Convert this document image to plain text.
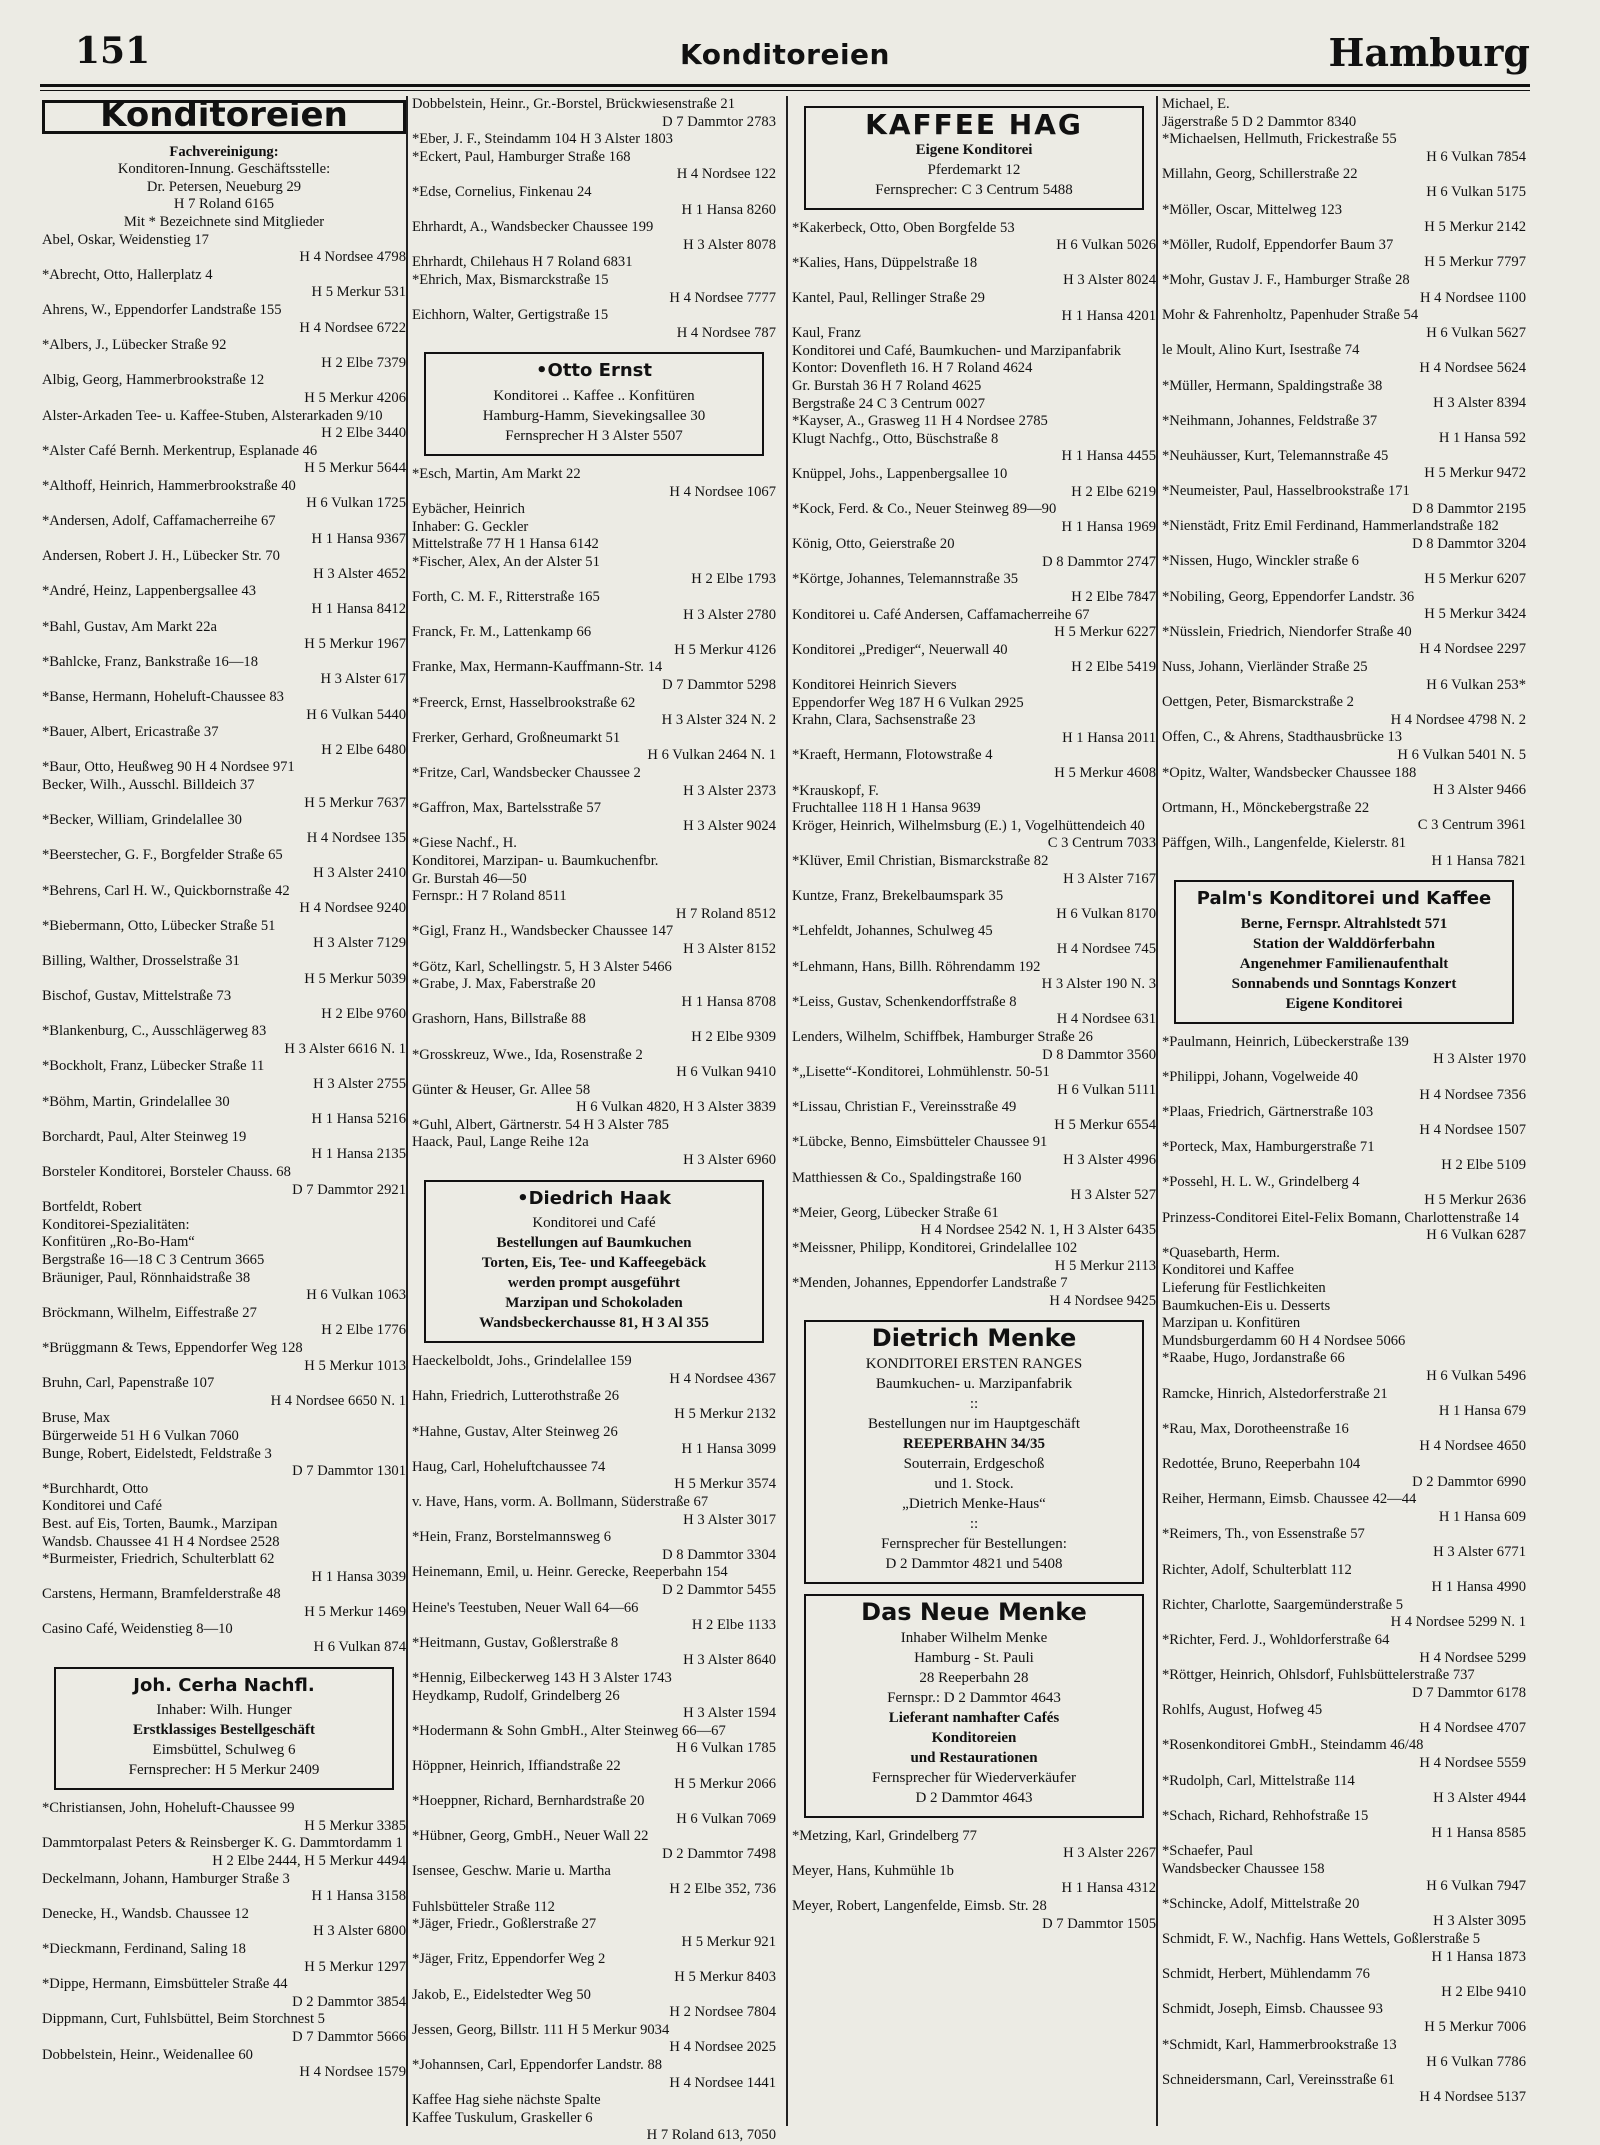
151	Konditoreien	Hamburg
Konditoreien
Fachvereinigung:
Konditoren-Innung. Geschäftsstelle:
Dr. Petersen, Neueburg 29
H 7 Roland 6165
Mit * Bezeichnete sind Mitglieder
Abel, Oskar, Weidenstieg 17
H 4 Nordsee 4798
*Abrecht, Otto, Hallerplatz 4
H 5 Merkur 531
Ahrens, W., Eppendorfer Landstraße 155
H 4 Nordsee 6722
*Albers, J., Lübecker Straße 92
H 2 Elbe 7379
Albig, Georg, Hammerbrookstraße 12
H 5 Merkur 4206
Alster-Arkaden Tee- u. Kaffee-Stuben, Alsterarkaden 9/10
H 2 Elbe 3440
*Alster Café Bernh. Merkentrup, Esplanade 46
H 5 Merkur 5644
*Althoff, Heinrich, Hammerbrookstraße 40
H 6 Vulkan 1725
*Andersen, Adolf, Caffamacherreihe 67
H 1 Hansa 9367
Andersen, Robert J. H., Lübecker Str. 70
H 3 Alster 4652
*André, Heinz, Lappenbergsallee 43
H 1 Hansa 8412
*Bahl, Gustav, Am Markt 22a
H 5 Merkur 1967
*Bahlcke, Franz, Bankstraße 16—18
H 3 Alster 617
*Banse, Hermann, Hoheluft-Chaussee 83
H 6 Vulkan 5440
*Bauer, Albert, Ericastraße 37
H 2 Elbe 6480
*Baur, Otto, Heußweg 90 H 4 Nordsee 971
Becker, Wilh., Ausschl. Billdeich 37
H 5 Merkur 7637
*Becker, William, Grindelallee 30
H 4 Nordsee 135
*Beerstecher, G. F., Borgfelder Straße 65
H 3 Alster 2410
*Behrens, Carl H. W., Quickbornstraße 42
H 4 Nordsee 9240
*Biebermann, Otto, Lübecker Straße 51
H 3 Alster 7129
Billing, Walther, Drosselstraße 31
H 5 Merkur 5039
Bischof, Gustav, Mittelstraße 73
H 2 Elbe 9760
*Blankenburg, C., Ausschlägerweg 83
H 3 Alster 6616 N. 1
*Bockholt, Franz, Lübecker Straße 11
H 3 Alster 2755
*Böhm, Martin, Grindelallee 30
H 1 Hansa 5216
Borchardt, Paul, Alter Steinweg 19
H 1 Hansa 2135
Borsteler Konditorei, Borsteler Chauss. 68
D 7 Dammtor 2921
Bortfeldt, Robert
Konditorei-Spezialitäten:
Konfitüren „Ro-Bo-Ham“
Bergstraße 16—18 C 3 Centrum 3665
Bräuniger, Paul, Rönnhaidstraße 38
H 6 Vulkan 1063
Bröckmann, Wilhelm, Eiffestraße 27
H 2 Elbe 1776
*Brüggmann & Tews, Eppendorfer Weg 128
H 5 Merkur 1013
Bruhn, Carl, Papenstraße 107
H 4 Nordsee 6650 N. 1
Bruse, Max
Bürgerweide 51 H 6 Vulkan 7060
Bunge, Robert, Eidelstedt, Feldstraße 3
D 7 Dammtor 1301
*Burchhardt, Otto
Konditorei und Café
Best. auf Eis, Torten, Baumk., Marzipan
Wandsb. Chaussee 41 H 4 Nordsee 2528
*Burmeister, Friedrich, Schulterblatt 62
H 1 Hansa 3039
Carstens, Hermann, Bramfelderstraße 48
H 5 Merkur 1469
Casino Café, Weidenstieg 8—10
H 6 Vulkan 874
Joh. Cerha Nachfl.
Inhaber: Wilh. Hunger
Erstklassiges Bestellgeschäft
Eimsbüttel, Schulweg 6
Fernsprecher: H 5 Merkur 2409
*Christiansen, John, Hoheluft-Chaussee 99
H 5 Merkur 3385
Dammtorpalast Peters & Reinsberger K. G. Dammtordamm 1
H 2 Elbe 2444, H 5 Merkur 4494
Deckelmann, Johann, Hamburger Straße 3
H 1 Hansa 3158
Denecke, H., Wandsb. Chaussee 12
H 3 Alster 6800
*Dieckmann, Ferdinand, Saling 18
H 5 Merkur 1297
*Dippe, Hermann, Eimsbütteler Straße 44
D 2 Dammtor 3854
Dippmann, Curt, Fuhlsbüttel, Beim Storchnest 5
D 7 Dammtor 5666
Dobbelstein, Heinr., Weidenallee 60
H 4 Nordsee 1579
Dobbelstein, Heinr., Gr.-Borstel, Brückwiesenstraße 21
D 7 Dammtor 2783
*Eber, J. F., Steindamm 104 H 3 Alster 1803
*Eckert, Paul, Hamburger Straße 168
H 4 Nordsee 122
*Edse, Cornelius, Finkenau 24
H 1 Hansa 8260
Ehrhardt, A., Wandsbecker Chaussee 199
H 3 Alster 8078
Ehrhardt, Chilehaus H 7 Roland 6831
*Ehrich, Max, Bismarckstraße 15
H 4 Nordsee 7777
Eichhorn, Walter, Gertigstraße 15
H 4 Nordsee 787
•Otto Ernst
Konditorei .. Kaffee .. Konfitüren
Hamburg-Hamm, Sievekingsallee 30
Fernsprecher H 3 Alster 5507
*Esch, Martin, Am Markt 22
H 4 Nordsee 1067
Eybächer, Heinrich
Inhaber: G. Geckler
Mittelstraße 77 H 1 Hansa 6142
*Fischer, Alex, An der Alster 51
H 2 Elbe 1793
Forth, C. M. F., Ritterstraße 165
H 3 Alster 2780
Franck, Fr. M., Lattenkamp 66
H 5 Merkur 4126
Franke, Max, Hermann-Kauffmann-Str. 14
D 7 Dammtor 5298
*Freerck, Ernst, Hasselbrookstraße 62
H 3 Alster 324 N. 2
Frerker, Gerhard, Großneumarkt 51
H 6 Vulkan 2464 N. 1
*Fritze, Carl, Wandsbecker Chaussee 2
H 3 Alster 2373
*Gaffron, Max, Bartelsstraße 57
H 3 Alster 9024
*Giese Nachf., H.
Konditorei, Marzipan- u. Baumkuchenfbr.
Gr. Burstah 46—50
Fernspr.: H 7 Roland 8511
H 7 Roland 8512
*Gigl, Franz H., Wandsbecker Chaussee 147
H 3 Alster 8152
*Götz, Karl, Schellingstr. 5, H 3 Alster 5466
*Grabe, J. Max, Faberstraße 20
H 1 Hansa 8708
Grashorn, Hans, Billstraße 88
H 2 Elbe 9309
*Grosskreuz, Wwe., Ida, Rosenstraße 2
H 6 Vulkan 9410
Günter & Heuser, Gr. Allee 58
H 6 Vulkan 4820, H 3 Alster 3839
*Guhl, Albert, Gärtnerstr. 54 H 3 Alster 785
Haack, Paul, Lange Reihe 12a
H 3 Alster 6960
•Diedrich Haak
Konditorei und Café
Bestellungen auf Baumkuchen
Torten, Eis, Tee- und Kaffeegebäck
werden prompt ausgeführt
Marzipan und Schokoladen
Wandsbeckerchausse 81, H 3 Al 355
Haeckelboldt, Johs., Grindelallee 159
H 4 Nordsee 4367
Hahn, Friedrich, Lutterothstraße 26
H 5 Merkur 2132
*Hahne, Gustav, Alter Steinweg 26
H 1 Hansa 3099
Haug, Carl, Hoheluftchaussee 74
H 5 Merkur 3574
v. Have, Hans, vorm. A. Bollmann, Süderstraße 67
H 3 Alster 3017
*Hein, Franz, Borstelmannsweg 6
D 8 Dammtor 3304
Heinemann, Emil, u. Heinr. Gerecke, Reeperbahn 154
D 2 Dammtor 5455
Heine's Teestuben, Neuer Wall 64—66
H 2 Elbe 1133
*Heitmann, Gustav, Goßlerstraße 8
H 3 Alster 8640
*Hennig, Eilbeckerweg 143 H 3 Alster 1743
Heydkamp, Rudolf, Grindelberg 26
H 3 Alster 1594
*Hodermann & Sohn GmbH., Alter Steinweg 66—67
H 6 Vulkan 1785
Höppner, Heinrich, Iffiandstraße 22
H 5 Merkur 2066
*Hoeppner, Richard, Bernhardstraße 20
H 6 Vulkan 7069
*Hübner, Georg, GmbH., Neuer Wall 22
D 2 Dammtor 7498
Isensee, Geschw. Marie u. Martha
H 2 Elbe 352, 736
Fuhlsbütteler Straße 112
*Jäger, Friedr., Goßlerstraße 27
H 5 Merkur 921
*Jäger, Fritz, Eppendorfer Weg 2
H 5 Merkur 8403
Jakob, E., Eidelstedter Weg 50
H 2 Nordsee 7804
Jessen, Georg, Billstr. 111 H 5 Merkur 9034
H 4 Nordsee 2025
*Johannsen, Carl, Eppendorfer Landstr. 88
H 4 Nordsee 1441
Kaffee Hag siehe nächste Spalte
Kaffee Tuskulum, Graskeller 6
H 7 Roland 613, 7050
KAFFEE HAG
Eigene Konditorei
Pferdemarkt 12
Fernsprecher: C 3 Centrum 5488
*Kakerbeck, Otto, Oben Borgfelde 53
H 6 Vulkan 5026
*Kalies, Hans, Düppelstraße 18
H 3 Alster 8024
Kantel, Paul, Rellinger Straße 29
H 1 Hansa 4201
Kaul, Franz
Konditorei und Café, Baumkuchen- und Marzipanfabrik
Kontor: Dovenfleth 16. H 7 Roland 4624
Gr. Burstah 36 H 7 Roland 4625
Bergstraße 24 C 3 Centrum 0027
*Kayser, A., Grasweg 11 H 4 Nordsee 2785
Klugt Nachfg., Otto, Büschstraße 8
H 1 Hansa 4455
Knüppel, Johs., Lappenbergsallee 10
H 2 Elbe 6219
*Kock, Ferd. & Co., Neuer Steinweg 89—90
H 1 Hansa 1969
König, Otto, Geierstraße 20
D 8 Dammtor 2747
*Körtge, Johannes, Telemannstraße 35
H 2 Elbe 7847
Konditorei u. Café Andersen, Caffamacherreihe 67
H 5 Merkur 6227
Konditorei „Prediger“, Neuerwall 40
H 2 Elbe 5419
Konditorei Heinrich Sievers
Eppendorfer Weg 187 H 6 Vulkan 2925
Krahn, Clara, Sachsenstraße 23
H 1 Hansa 2011
*Kraeft, Hermann, Flotowstraße 4
H 5 Merkur 4608
*Krauskopf, F.
Fruchtallee 118 H 1 Hansa 9639
Kröger, Heinrich, Wilhelmsburg (E.) 1, Vogelhüttendeich 40
C 3 Centrum 7033
*Klüver, Emil Christian, Bismarckstraße 82
H 3 Alster 7167
Kuntze, Franz, Brekelbaumspark 35
H 6 Vulkan 8170
*Lehfeldt, Johannes, Schulweg 45
H 4 Nordsee 745
*Lehmann, Hans, Billh. Röhrendamm 192
H 3 Alster 190 N. 3
*Leiss, Gustav, Schenkendorffstraße 8
H 4 Nordsee 631
Lenders, Wilhelm, Schiffbek, Hamburger Straße 26
D 8 Dammtor 3560
*„Lisette“-Konditorei, Lohmühlenstr. 50-51
H 6 Vulkan 5111
*Lissau, Christian F., Vereinsstraße 49
H 5 Merkur 6554
*Lübcke, Benno, Eimsbütteler Chaussee 91
H 3 Alster 4996
Matthiessen & Co., Spaldingstraße 160
H 3 Alster 527
*Meier, Georg, Lübecker Straße 61
H 4 Nordsee 2542 N. 1, H 3 Alster 6435
*Meissner, Philipp, Konditorei, Grindelallee 102
H 5 Merkur 2113
*Menden, Johannes, Eppendorfer Landstraße 7
H 4 Nordsee 9425
Dietrich Menke
KONDITOREI ERSTEN RANGES
Baumkuchen- u. Marzipanfabrik
::
Bestellungen nur im Hauptgeschäft
REEPERBAHN 34/35
Souterrain, Erdgeschoß
und 1. Stock.
„Dietrich Menke-Haus“
::
Fernsprecher für Bestellungen:
D 2 Dammtor 4821 und 5408
Das Neue Menke
Inhaber Wilhelm Menke
Hamburg - St. Pauli
28 Reeperbahn 28
Fernspr.: D 2 Dammtor 4643
Lieferant namhafter Cafés
Konditoreien
und Restaurationen
Fernsprecher für Wiederverkäufer
D 2 Dammtor 4643
*Metzing, Karl, Grindelberg 77
H 3 Alster 2267
Meyer, Hans, Kuhmühle 1b
H 1 Hansa 4312
Meyer, Robert, Langenfelde, Eimsb. Str. 28
D 7 Dammtor 1505
Michael, E.
Jägerstraße 5 D 2 Dammtor 8340
*Michaelsen, Hellmuth, Frickestraße 55
H 6 Vulkan 7854
Millahn, Georg, Schillerstraße 22
H 6 Vulkan 5175
*Möller, Oscar, Mittelweg 123
H 5 Merkur 2142
*Möller, Rudolf, Eppendorfer Baum 37
H 5 Merkur 7797
*Mohr, Gustav J. F., Hamburger Straße 28
H 4 Nordsee 1100
Mohr & Fahrenholtz, Papenhuder Straße 54
H 6 Vulkan 5627
le Moult, Alino Kurt, Isestraße 74
H 4 Nordsee 5624
*Müller, Hermann, Spaldingstraße 38
H 3 Alster 8394
*Neihmann, Johannes, Feldstraße 37
H 1 Hansa 592
*Neuhäusser, Kurt, Telemannstraße 45
H 5 Merkur 9472
*Neumeister, Paul, Hasselbrookstraße 171
D 8 Dammtor 2195
*Nienstädt, Fritz Emil Ferdinand, Hammerlandstraße 182
D 8 Dammtor 3204
*Nissen, Hugo, Winckler straße 6
H 5 Merkur 6207
*Nobiling, Georg, Eppendorfer Landstr. 36
H 5 Merkur 3424
*Nüsslein, Friedrich, Niendorfer Straße 40
H 4 Nordsee 2297
Nuss, Johann, Vierländer Straße 25
H 6 Vulkan 253*
Oettgen, Peter, Bismarckstraße 2
H 4 Nordsee 4798 N. 2
Offen, C., & Ahrens, Stadthausbrücke 13
H 6 Vulkan 5401 N. 5
*Opitz, Walter, Wandsbecker Chaussee 188
H 3 Alster 9466
Ortmann, H., Mönckebergstraße 22
C 3 Centrum 3961
Päffgen, Wilh., Langenfelde, Kielerstr. 81
H 1 Hansa 7821
Palm's Konditorei und Kaffee
Berne, Fernspr. Altrahlstedt 571
Station der Walddörferbahn
Angenehmer Familienaufenthalt
Sonnabends und Sonntags Konzert
Eigene Konditorei
*Paulmann, Heinrich, Lübeckerstraße 139
H 3 Alster 1970
*Philippi, Johann, Vogelweide 40
H 4 Nordsee 7356
*Plaas, Friedrich, Gärtnerstraße 103
H 4 Nordsee 1507
*Porteck, Max, Hamburgerstraße 71
H 2 Elbe 5109
*Possehl, H. L. W., Grindelberg 4
H 5 Merkur 2636
Prinzess-Conditorei Eitel-Felix Bomann, Charlottenstraße 14
H 6 Vulkan 6287
*Quasebarth, Herm.
Konditorei und Kaffee
Lieferung für Festlichkeiten
Baumkuchen-Eis u. Desserts
Marzipan u. Konfitüren
Mundsburgerdamm 60 H 4 Nordsee 5066
*Raabe, Hugo, Jordanstraße 66
H 6 Vulkan 5496
Ramcke, Hinrich, Alstedorferstraße 21
H 1 Hansa 679
*Rau, Max, Dorotheenstraße 16
H 4 Nordsee 4650
Redottée, Bruno, Reeperbahn 104
D 2 Dammtor 6990
Reiher, Hermann, Eimsb. Chaussee 42—44
H 1 Hansa 609
*Reimers, Th., von Essenstraße 57
H 3 Alster 6771
Richter, Adolf, Schulterblatt 112
H 1 Hansa 4990
Richter, Charlotte, Saargemünderstraße 5
H 4 Nordsee 5299 N. 1
*Richter, Ferd. J., Wohldorferstraße 64
H 4 Nordsee 5299
*Röttger, Heinrich, Ohlsdorf, Fuhlsbüttelerstraße 737
D 7 Dammtor 6178
Rohlfs, August, Hofweg 45
H 4 Nordsee 4707
*Rosenkonditorei GmbH., Steindamm 46/48
H 4 Nordsee 5559
*Rudolph, Carl, Mittelstraße 114
H 3 Alster 4944
*Schach, Richard, Rehhofstraße 15
H 1 Hansa 8585
*Schaefer, Paul
Wandsbecker Chaussee 158
H 6 Vulkan 7947
*Schincke, Adolf, Mittelstraße 20
H 3 Alster 3095
Schmidt, F. W., Nachfig. Hans Wettels, Goßlerstraße 5
H 1 Hansa 1873
Schmidt, Herbert, Mühlendamm 76
H 2 Elbe 9410
Schmidt, Joseph, Eimsb. Chaussee 93
H 5 Merkur 7006
*Schmidt, Karl, Hammerbrookstraße 13
H 6 Vulkan 7786
Schneidersmann, Carl, Vereinsstraße 61
H 4 Nordsee 5137
